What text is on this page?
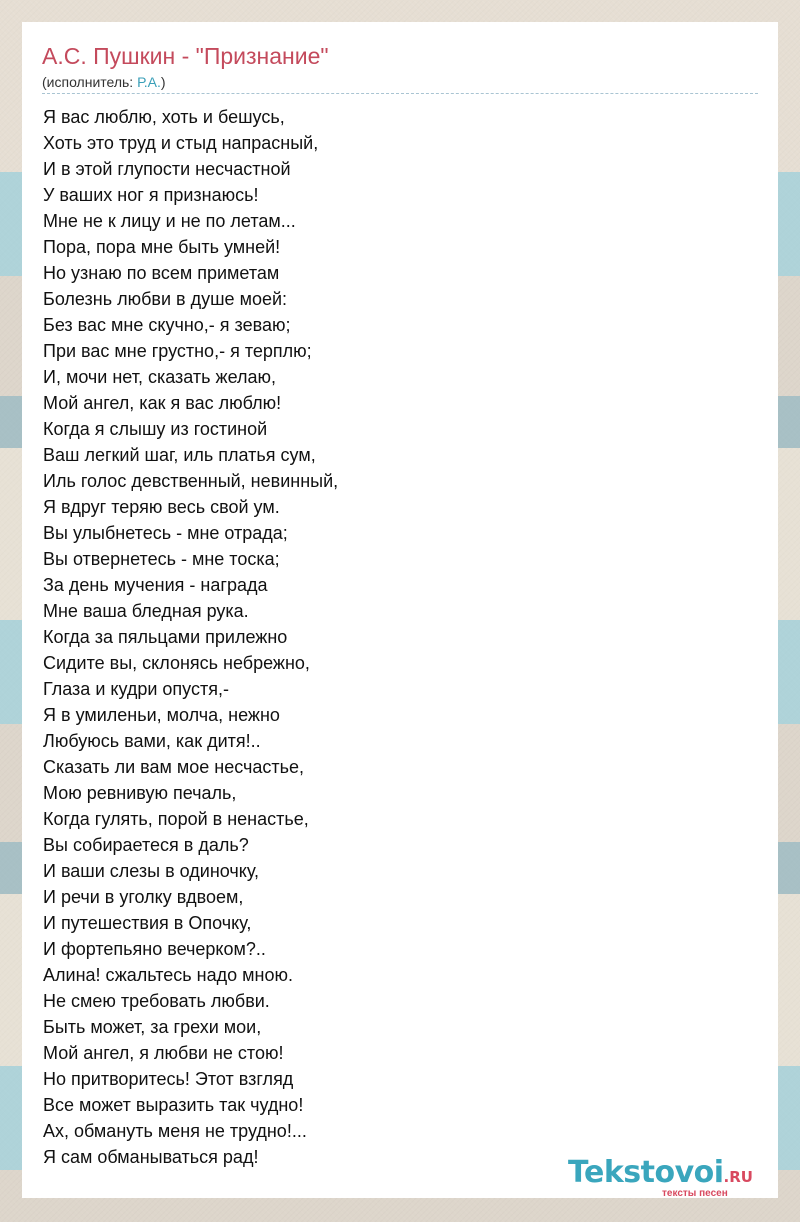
А.С. Пушкин - "Признание"
(исполнитель: Р.А.)
Я вас люблю, хоть и бешусь,
Хоть это труд и стыд напрасный,
И в этой глупости несчастной
У ваших ног я признаюсь!
Мне не к лицу и не по летам...
Пора, пора мне быть умней!
Но узнаю по всем приметам
Болезнь любви в душе моей:
Без вас мне скучно,- я зеваю;
При вас мне грустно,- я терплю;
И, мочи нет, сказать желаю,
Мой ангел, как я вас люблю!
Когда я слышу из гостиной
Ваш легкий шаг, иль платья сум,
Иль голос девственный, невинный,
Я вдруг теряю весь свой ум.
Вы улыбнетесь - мне отрада;
Вы отвернетесь - мне тоска;
За день мучения - награда
Мне ваша бледная рука.
Когда за пяльцами прилежно
Сидите вы, склонясь небрежно,
Глаза и кудри опустя,-
Я в умиленьи, молча, нежно
Любуюсь вами, как дитя!..
Сказать ли вам мое несчастье,
Мою ревнивую печаль,
Когда гулять, порой в ненастье,
Вы собираетеся в даль?
И ваши слезы в одиночку,
И речи в уголку вдвоем,
И путешествия в Опочку,
И фортепьяно вечерком?..
Алина! сжальтесь надо мною.
Не смею требовать любви.
Быть может, за грехи мои,
Мой ангел, я любви не стою!
Но притворитесь! Этот взгляд
Все может выразить так чудно!
Ах, обмануть меня не трудно!...
Я сам обманываться рад!	Tekstovoi.RU
тексты песен
